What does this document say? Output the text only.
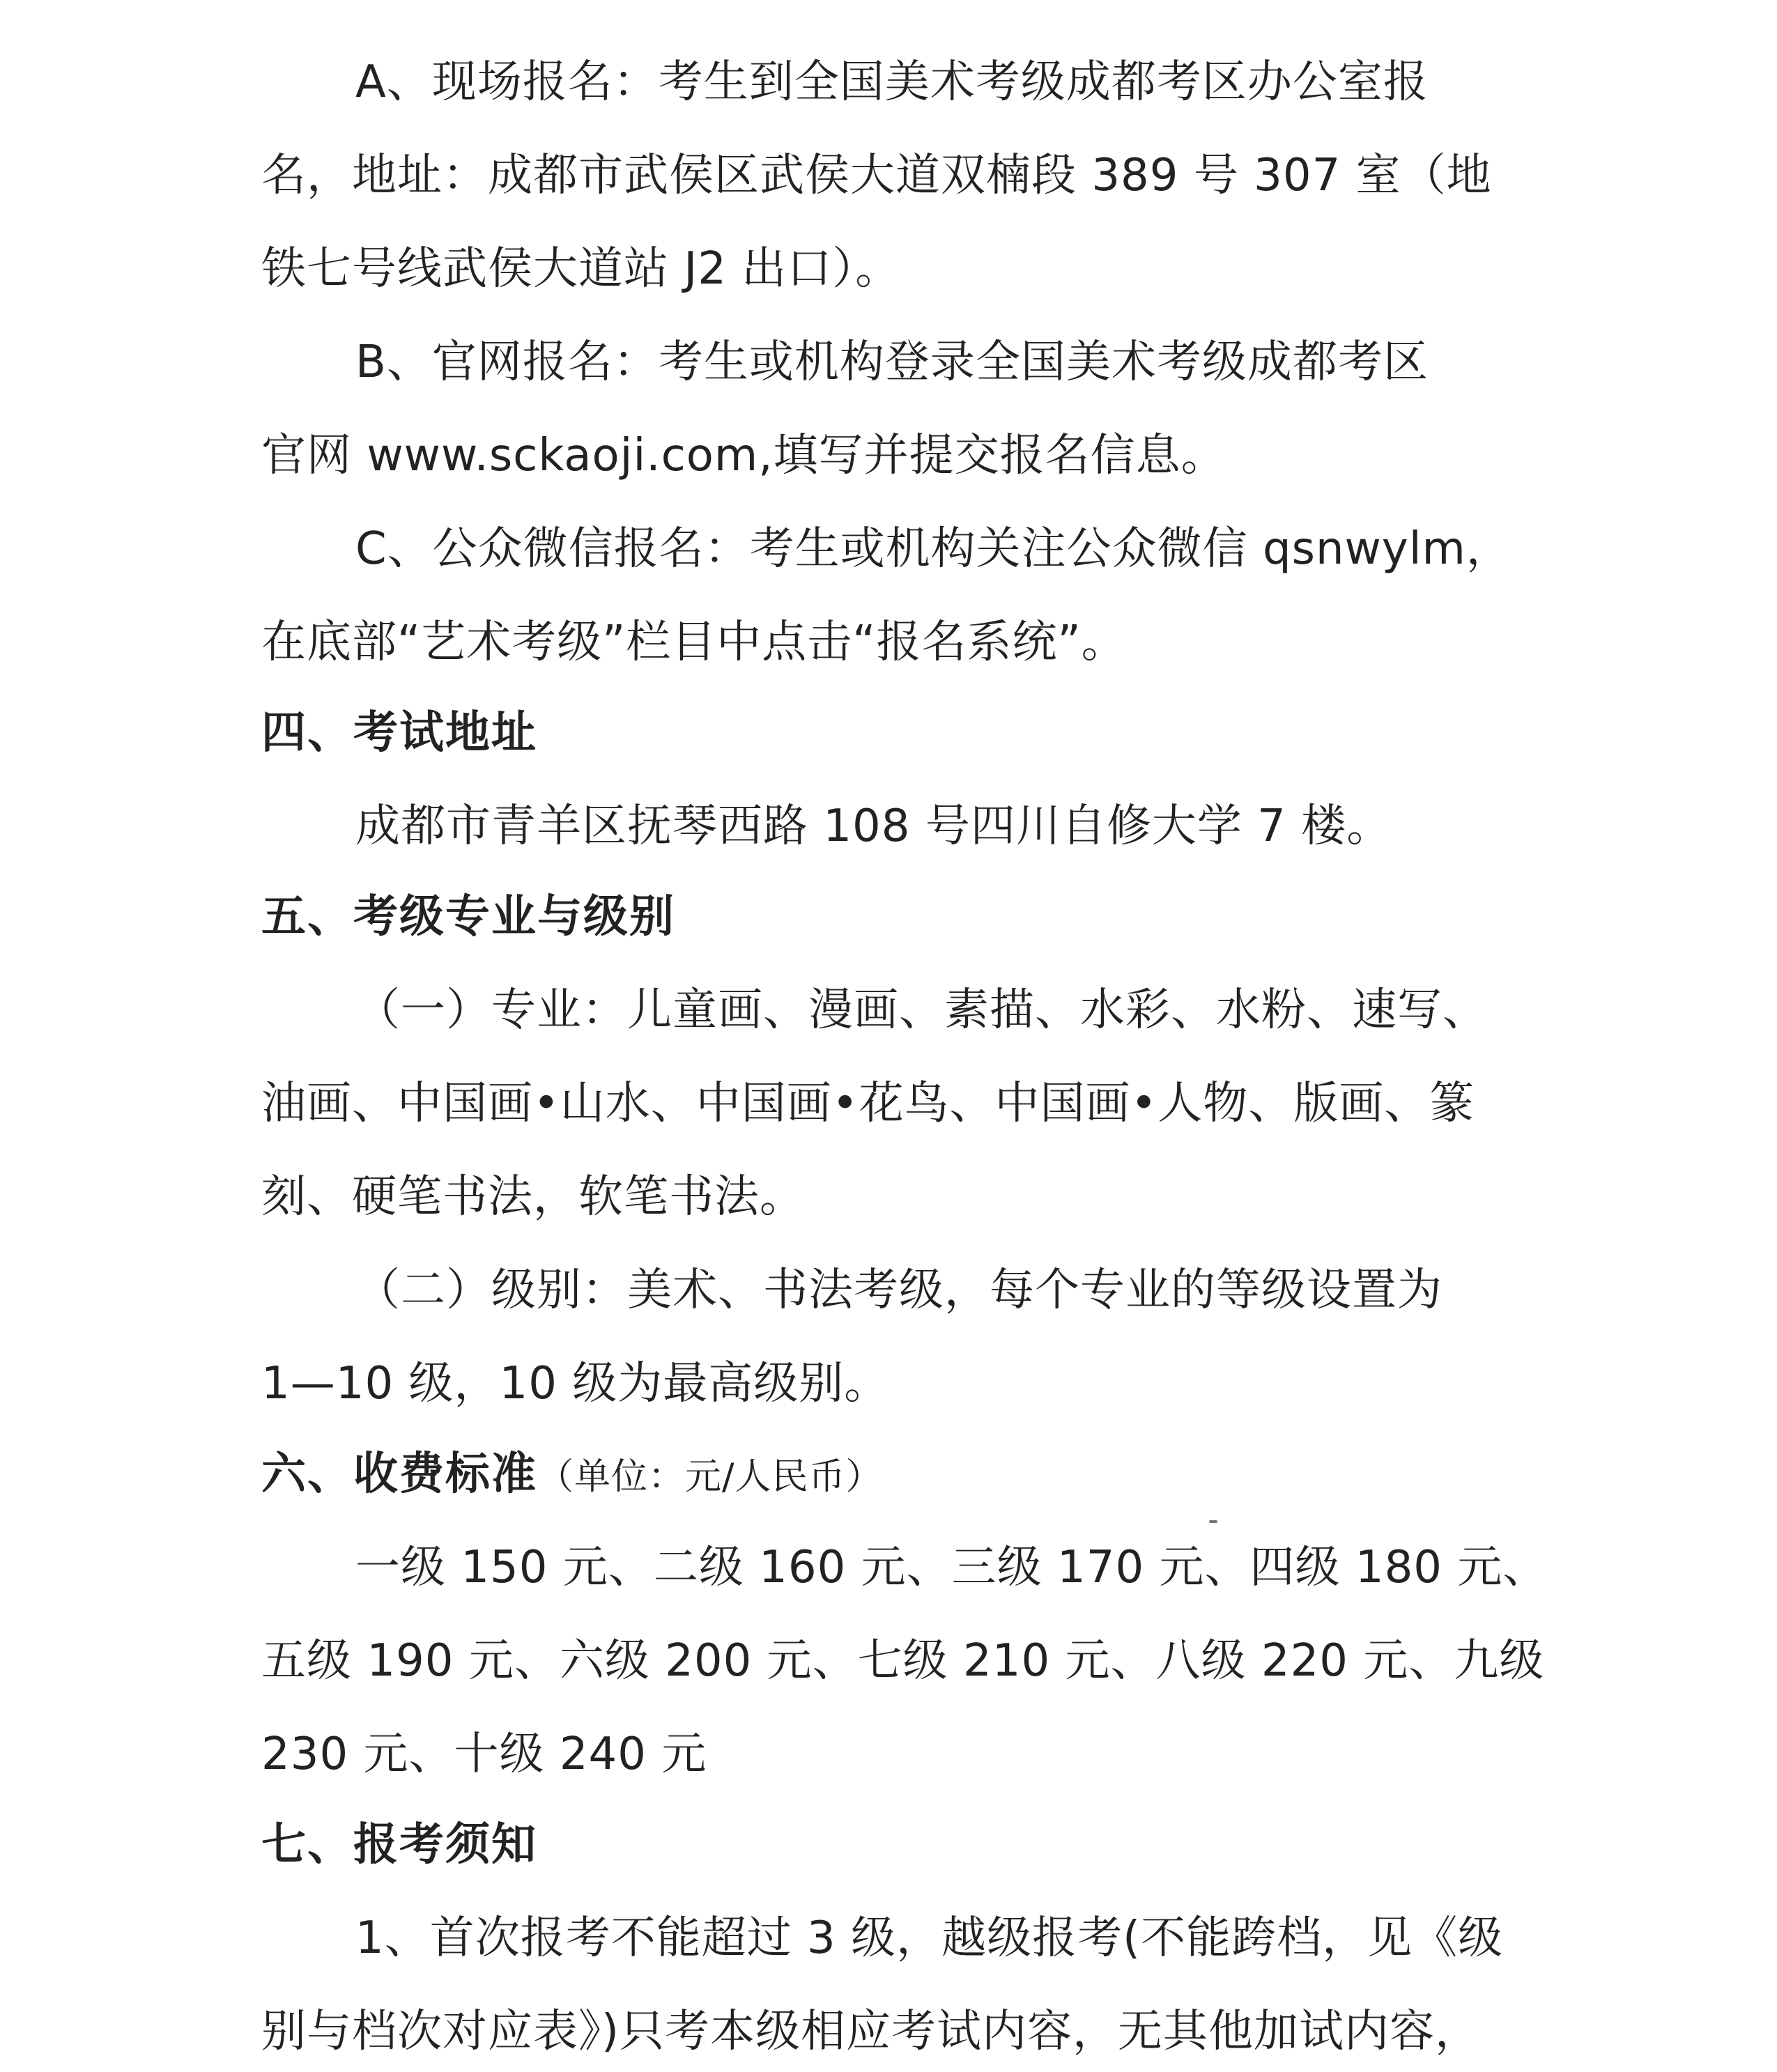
A、现场报名：考生到全国美术考级成都考区办公室报
名，地址：成都市武侯区武侯大道双楠段 389 号 307 室（地
铁七号线武侯大道站 J2 出口）。
B、官网报名：考生或机构登录全国美术考级成都考区
官网 www.sckaoji.com,填写并提交报名信息。
C、公众微信报名：考生或机构关注公众微信 qsnwylm，
在底部“艺术考级”栏目中点击“报名系统”。
四、考试地址
成都市青羊区抚琴西路 108 号四川自修大学 7 楼。
五、考级专业与级别
（一）专业：儿童画、漫画、素描、水彩、水粉、速写、
油画、中国画•山水、中国画•花鸟、中国画•人物、版画、篆
刻、硬笔书法，软笔书法。
（二）级别：美术、书法考级，每个专业的等级设置为
1—10 级，10 级为最高级别。
六、收费标准（单位：元/人民币）
一级 150 元、二级 160 元、三级 170 元、四级 180 元、
五级 190 元、六级 200 元、七级 210 元、八级 220 元、九级
230 元、十级 240 元
七、报考须知
1、首次报考不能超过 3 级，越级报考(不能跨档，见《级
别与档次对应表》)只考本级相应考试内容，无其他加试内容，
